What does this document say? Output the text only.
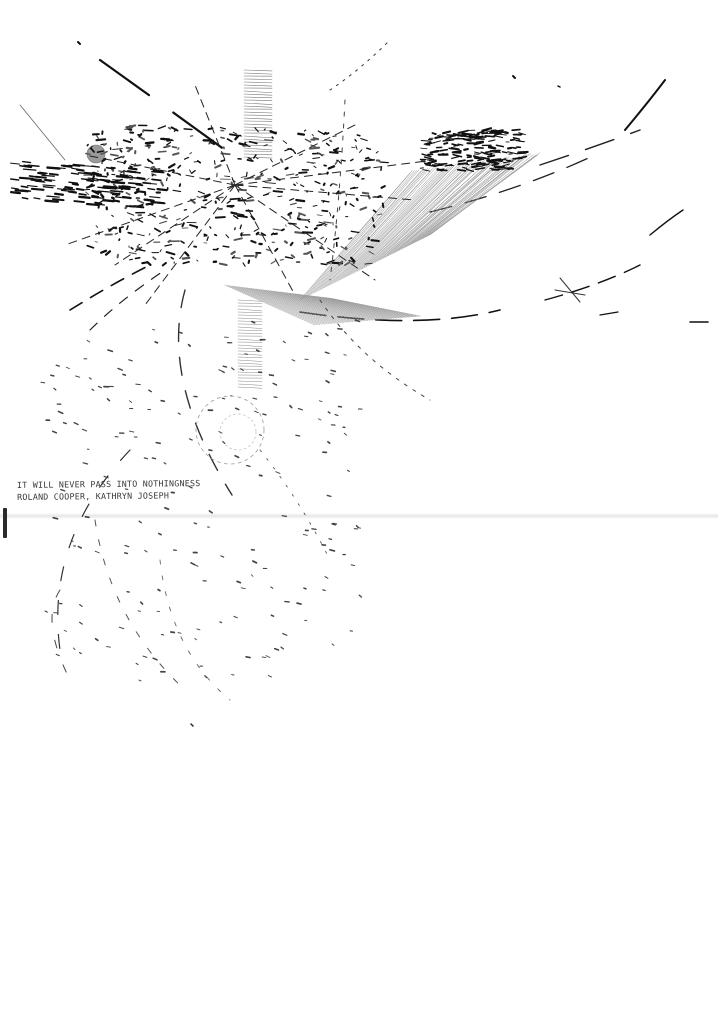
IT WILL NEVER PASS INTO NOTHINGNESS
ROLAND COOPER, KATHRYN JOSEPH
